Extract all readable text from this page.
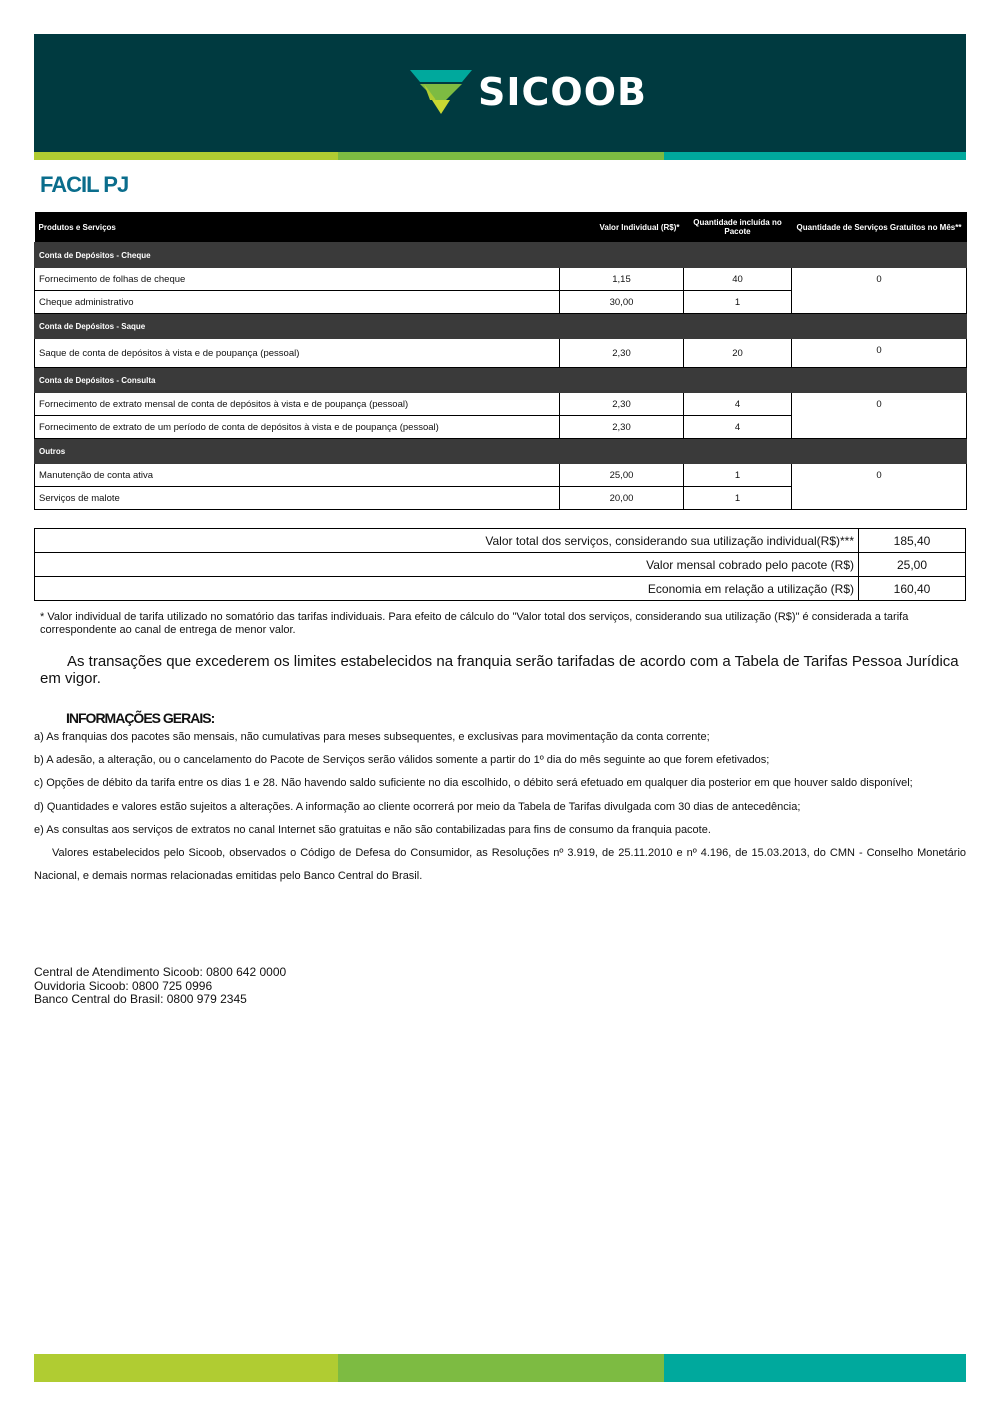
SICOOB
FACIL PJ
Produtos e Serviços	Valor Individual (R$)*	Quantidade incluída no Pacote	Quantidade de Serviços Gratuitos no Mês**
Conta de Depósitos - Cheque			
Fornecimento de folhas de cheque	1,15	40	0
Cheque administrativo	30,00	1	
Conta de Depósitos - Saque			
Saque de conta de depósitos à vista e de poupança (pessoal)	2,30	20	0
Conta de Depósitos - Consulta			
Fornecimento de extrato mensal de conta de depósitos à vista e de poupança (pessoal)	2,30	4	0
Fornecimento de extrato de um período de conta de depósitos à vista e de poupança (pessoal)	2,30	4	
Outros			
Manutenção de conta ativa	25,00	1	0
Serviços de malote	20,00	1	
Valor total dos serviços, considerando sua utilização individual(R$)***	185,40
Valor mensal cobrado pelo pacote (R$)	25,00
Economia em relação a utilização (R$)	160,40
* Valor individual de tarifa utilizado no somatório das tarifas individuais. Para efeito de cálculo do "Valor total dos serviços, considerando sua utilização (R$)" é considerada a tarifa correspondente ao canal de entrega de menor valor.
As transações que excederem os limites estabelecidos na franquia serão tarifadas de acordo com a Tabela de Tarifas Pessoa Jurídica em vigor.
INFORMAÇÕES GERAIS:

a) As franquias dos pacotes são mensais, não cumulativas para meses subsequentes, e exclusivas para movimentação da conta corrente;

b) A adesão, a alteração, ou o cancelamento do Pacote de Serviços serão válidos somente a partir do 1º dia do mês seguinte ao que forem efetivados;

c) Opções de débito da tarifa entre os dias 1 e 28. Não havendo saldo suficiente no dia escolhido, o débito será efetuado em qualquer dia posterior em que houver saldo disponível;

d) Quantidades e valores estão sujeitos a alterações. A informação ao cliente ocorrerá por meio da Tabela de Tarifas divulgada com 30 dias de antecedência;

e) As consultas aos serviços de extratos no canal Internet são gratuitas e não são contabilizadas para fins de consumo da franquia pacote.

Valores estabelecidos pelo Sicoob, observados o Código de Defesa do Consumidor, as Resoluções nº 3.919, de 25.11.2010 e nº 4.196, de 15.03.2013, do CMN - Conselho Monetário Nacional, e demais normas relacionadas emitidas pelo Banco Central do Brasil.

Central de Atendimento Sicoob: 0800 642 0000
Ouvidoria Sicoob: 0800 725 0996
Banco Central do Brasil: 0800 979 2345
